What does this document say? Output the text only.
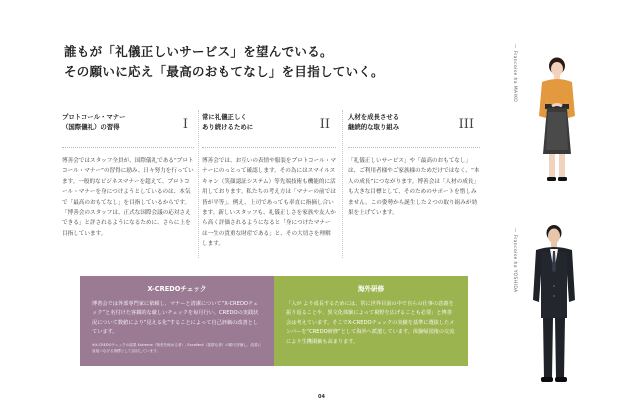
誰もが「礼儀正しいサービス」を望んでいる。
その願いに応え「最高のおもてなし」を目指していく。
プロトコール・マナー
（国際儀礼）の習得	I
博善会ではスタッフ全員が、国際儀礼である“プロトコール・マナー”の習得に励み、日々努力を行っています。一般的なビジネスマナーを超えて、プロトコール・マナーを身につけようとしているのは、本気で「最高のおもてなし」を目指しているからです。「博善会のスタッフは、正式な国際会議の応対さえできる」と評されるようになるために、さらに上を目指しています。
常に礼儀正しく
あり続けるために	II
博善会では、お互いの表情や服装をプロトコール・マナーにのっとって確認します。その為にはスマイルスキャン（笑顔認証システム）等先端技術も機能的に活用しております。私たちの考え方は「マナーの前では皆が平等」。例え、上司であっても率直に指摘し合います。新しいスタッフも、礼儀正しさを家族や友人から高く評価されるようになると「身につけたマナーは一生の貴重な財産である」と、その大切さを理解します。
人材を成長させる
継続的な取り組み	III
「礼儀正しいサービス」や「最高のおもてなし」は、ご利用者様やご家族様のためだけではなく、“本人の成長”につながります。博善会は「人材の成長」も大きな目標として、そのためのサポートを惜しみません。この姿勢から誕生した２つの取り組みが効果を上げています。
X-CREDOチェック
博善会では外部専門家に依頼し、マナーと清潔について“X-CREDOチェック”と名付けた客観的な厳しいチェックを毎月行い、CREDOの実践状況について数値により“見える化”することによって自己評価の改善としています。
※X-CREDOチェックの結果 Extreme（物差を極める者）, Excellent（抜群な者）の順で評価し、改善に直接つなげる指標として活用しています。
海外研修
「人が より成長するためには、常に世界目前の中で自らの仕事の意義を振り返ることや、異文化体験によって視野を広げることも必要」と博善会は考えています。そこでX-CREDOチェックの実績を基準に選抜したメンバーを“CREDO研修”として海外へ派遣しています。体験帰国後の交流により生機閑価も高まります。
04
— Francoise ha MAIKO
— Francoise ha YOSHIDA
